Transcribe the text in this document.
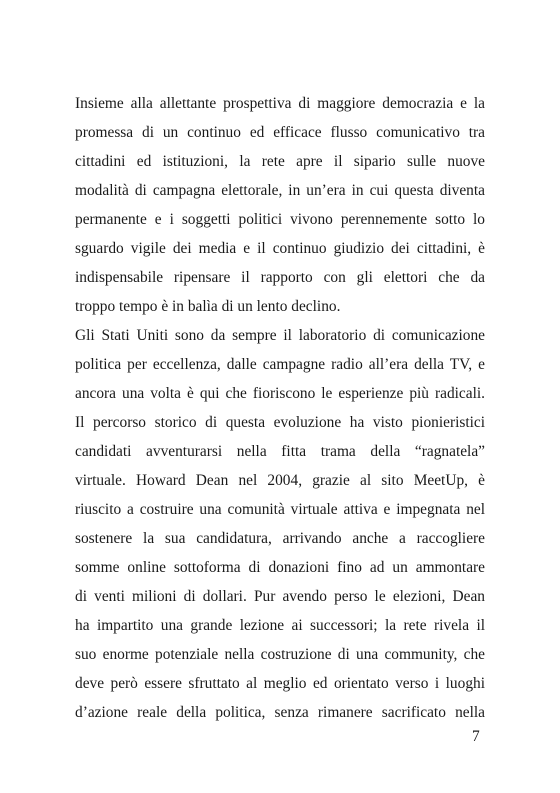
Insieme alla allettante prospettiva di maggiore democrazia e la
promessa di un continuo ed efficace flusso comunicativo tra
cittadini ed istituzioni, la rete apre il sipario sulle nuove
modalità di campagna elettorale, in un’era in cui questa diventa
permanente e i soggetti politici vivono perennemente sotto lo
sguardo vigile dei media e il continuo giudizio dei cittadini, è
indispensabile ripensare il rapporto con gli elettori che da
troppo tempo è in balìa di un lento declino.
Gli Stati Uniti sono da sempre il laboratorio di comunicazione
politica per eccellenza, dalle campagne radio all’era della TV, e
ancora una volta è qui che fioriscono le esperienze più radicali.
Il percorso storico di questa evoluzione ha visto pionieristici
candidati avventurarsi nella fitta trama della “ragnatela”
virtuale. Howard Dean nel 2004, grazie al sito MeetUp, è
riuscito a costruire una comunità virtuale attiva e impegnata nel
sostenere la sua candidatura, arrivando anche a raccogliere
somme online sottoforma di donazioni fino ad un ammontare
di venti milioni di dollari. Pur avendo perso le elezioni, Dean
ha impartito una grande lezione ai successori; la rete rivela il
suo enorme potenziale nella costruzione di una community, che
deve però essere sfruttato al meglio ed orientato verso i luoghi
d’azione reale della politica, senza rimanere sacrificato nella
7
